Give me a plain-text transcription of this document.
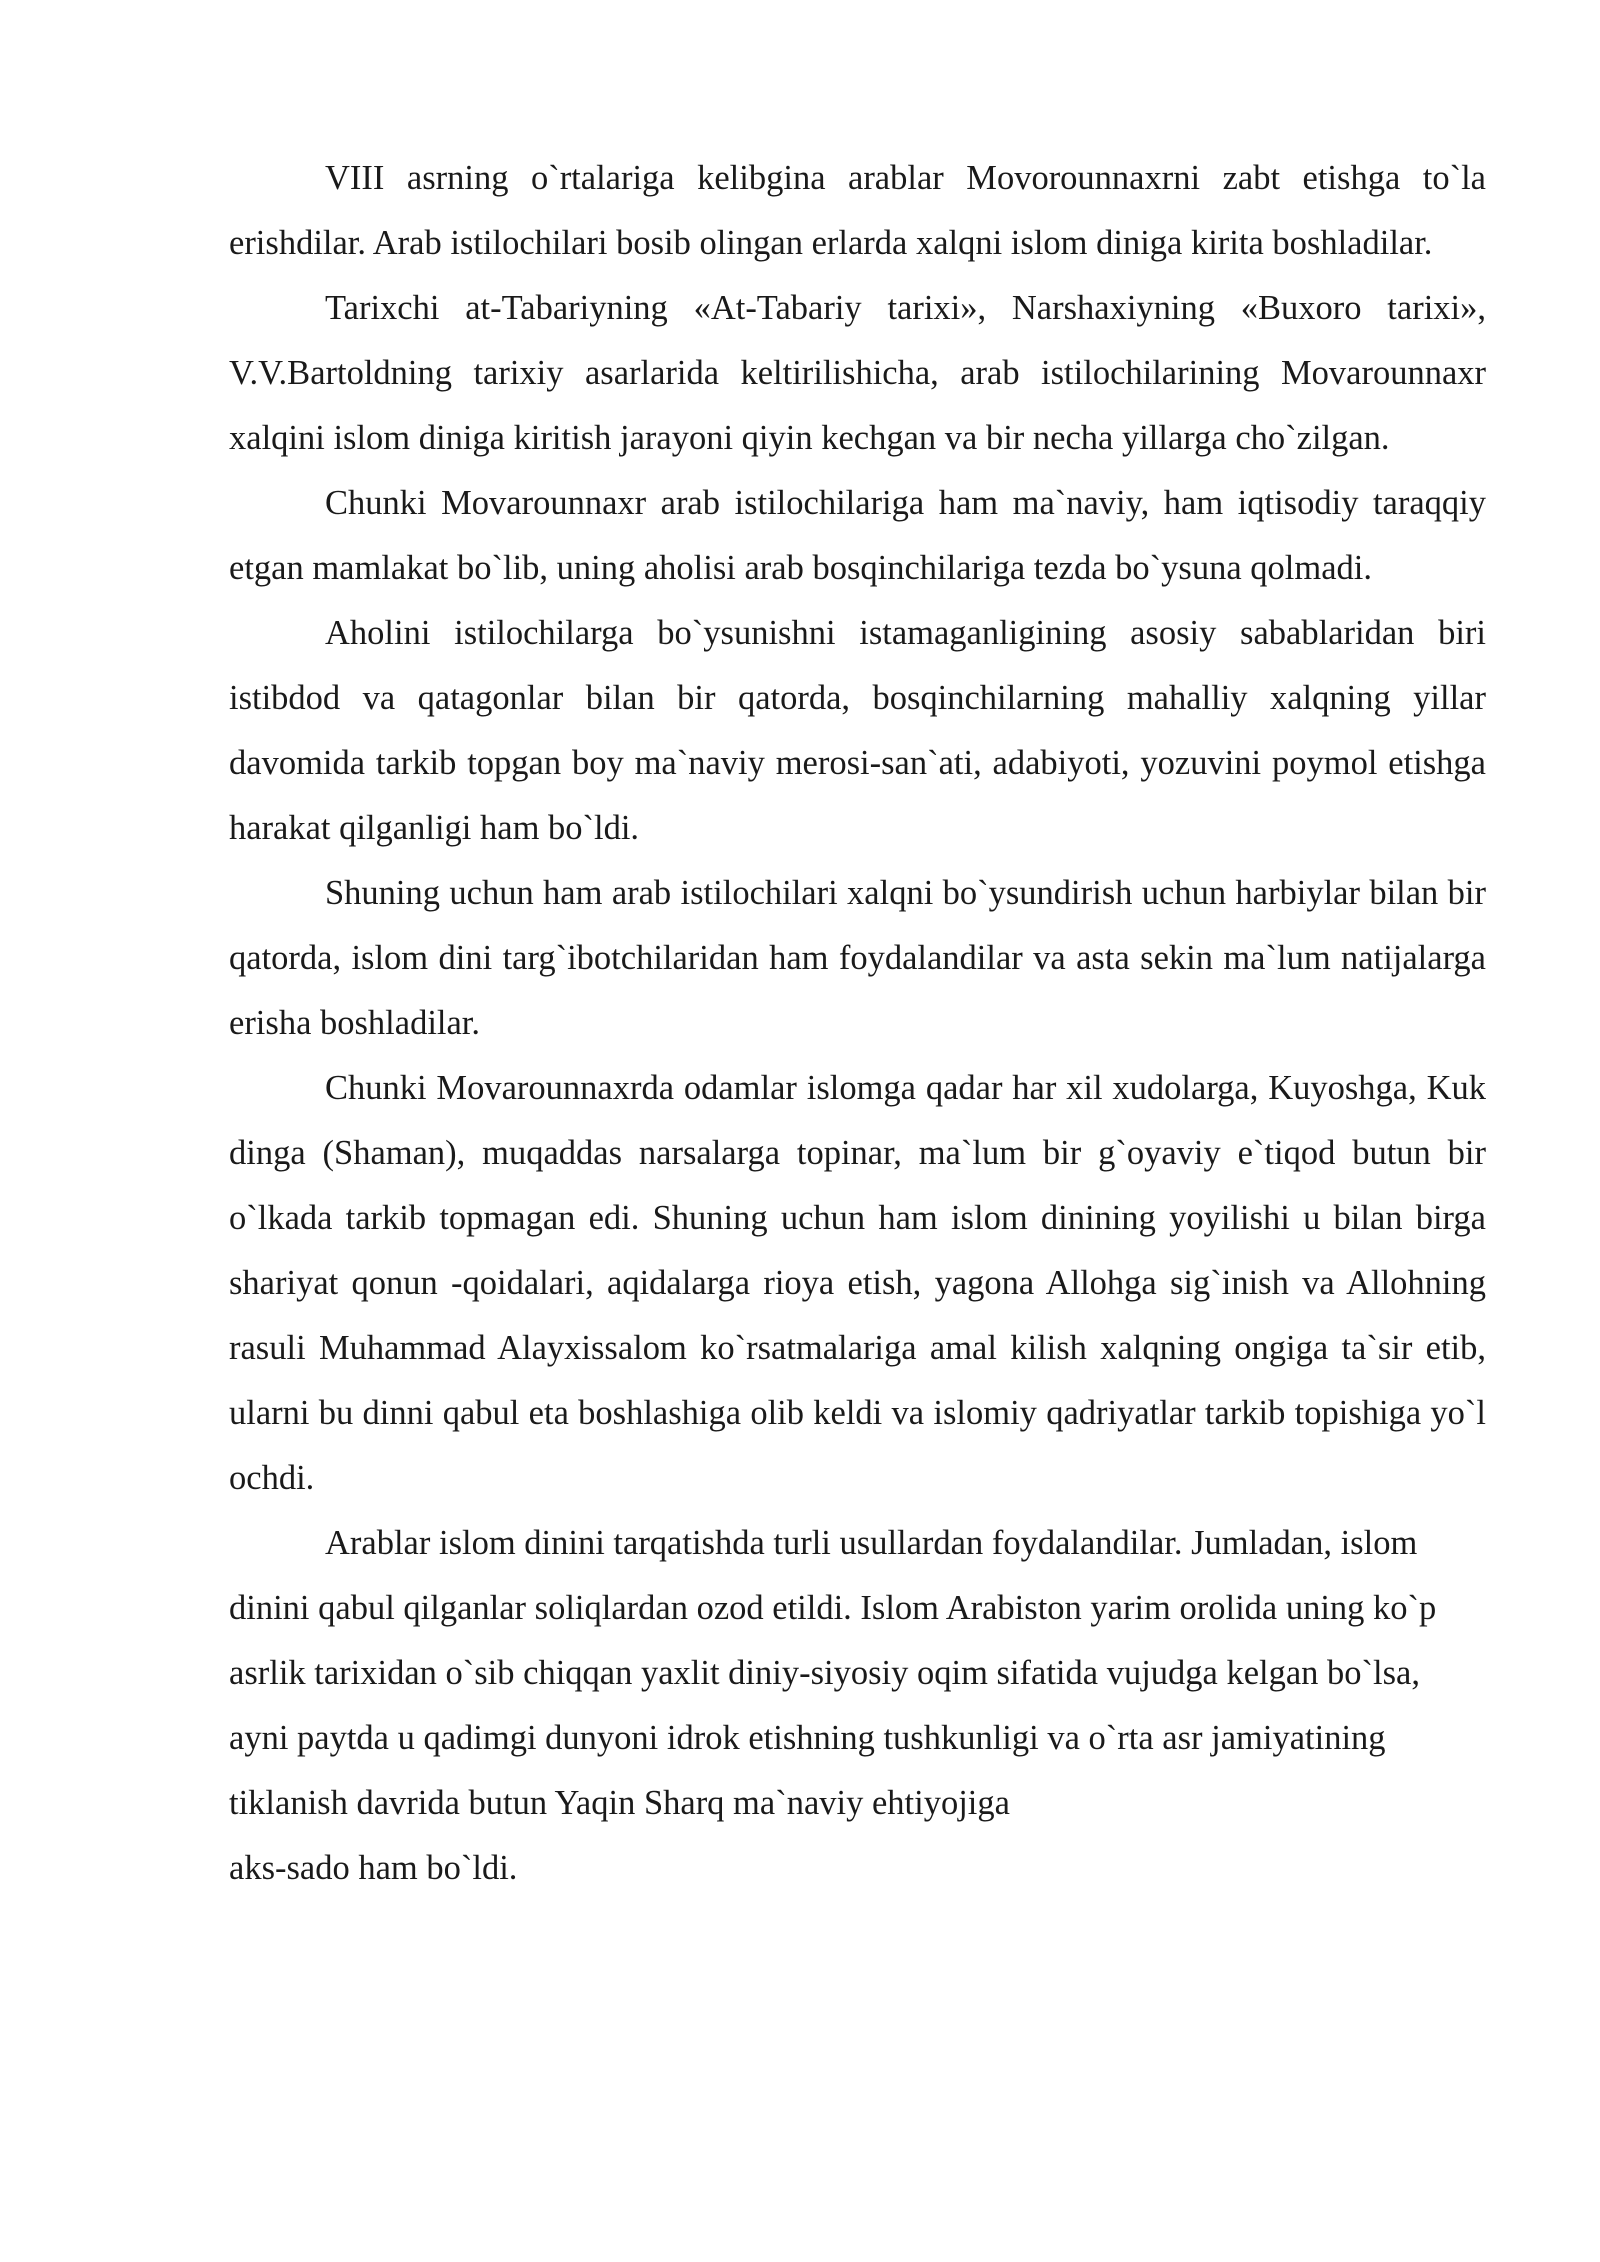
VIII asrning o`rtalariga kelibgina arablar Movorounnaxrni zabt etishga to`la erishdilar. Arab istilochilari bosib olingan erlarda xalqni islom diniga kirita boshladilar.

Tarixchi at-Tabariyning «At-Tabariy tarixi», Narshaxiyning «Buxoro tarixi», V.V.Bartoldning tarixiy asarlarida keltirilishicha, arab istilochilarining Movarounnaxr xalqini islom diniga kiritish jarayoni qiyin kechgan va bir necha yillarga cho`zilgan.

Chunki Movarounnaxr arab istilochilariga ham ma`naviy, ham iqtisodiy taraqqiy etgan mamlakat bo`lib, uning aholisi arab bosqinchilariga tezda bo`ysuna qolmadi.

Aholini istilochilarga bo`ysunishni istamaganligining asosiy sabablaridan biri istibdod va qatagonlar bilan bir qatorda, bosqinchilarning mahalliy xalqning yillar davomida tarkib topgan boy ma`naviy merosi-san`ati, adabiyoti, yozuvini poymol etishga harakat qilganligi ham bo`ldi.

Shuning uchun ham arab istilochilari xalqni bo`ysundirish uchun harbiylar bilan bir qatorda, islom dini targ`ibotchilaridan ham foydalandilar va asta sekin ma`lum natijalarga erisha boshladilar.

Chunki Movarounnaxrda odamlar islomga qadar har xil xudolarga, Kuyoshga, Kuk dinga (Shaman), muqaddas narsalarga topinar, ma`lum bir g`oyaviy e`tiqod butun bir o`lkada tarkib topmagan edi. Shuning uchun ham islom dinining yoyilishi u bilan birga shariyat qonun -qoidalari, aqidalarga rioya etish, yagona Allohga sig`inish va Allohning rasuli Muhammad Alayxissalom ko`rsatmalariga amal kilish xalqning ongiga ta`sir etib, ularni bu dinni qabul eta boshlashiga olib keldi va islomiy qadriyatlar tarkib topishiga yo`l ochdi.

Arablar islom dinini tarqatishda turli usullardan foydalandilar. Jumladan, islom dinini qabul qilganlar soliqlardan ozod etildi. Islom Arabiston yarim orolida uning ko`p asrlik tarixidan o`sib chiqqan yaxlit diniy-siyosiy oqim sifatida vujudga kelgan bo`lsa, ayni paytda u qadimgi dunyoni idrok etishning tushkunligi va o`rta asr jamiyatining tiklanish davrida butun Yaqin Sharq ma`naviy ehtiyojiga

aks-sado ham bo`ldi.
